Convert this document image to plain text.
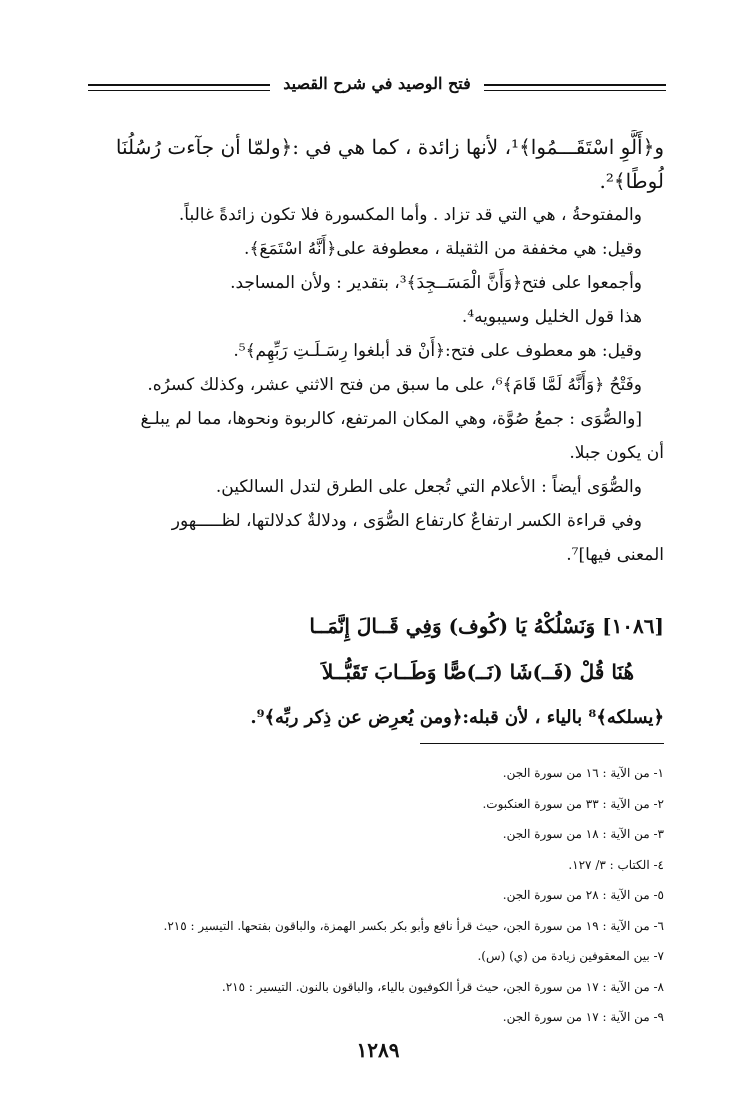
فتح الوصيد في شرح القصيد
و﴿أَلَّوِ اسْتَقَـــمُوا﴾¹، لأنها زائدة ، كما هي في :﴿ولمّا أن جآءت رُسُلُنَا
لُوطًا﴾².
والمفتوحةُ ، هي التي قد تزاد . وأما المكسورة فلا تكون زائدةً غالباً.
وقيل: هي مخففة من الثقيلة ، معطوفة على﴿أَنَّهُ اسْتَمَعَ﴾.
وأجمعوا على فتح﴿وَأَنَّ الْمَسَــجِدَ﴾³، بتقدير : ولأن المساجد.
هذا قول الخليل وسيبويه⁴.
وقيل: هو معطوف على فتح:﴿أَنْ قد أبلغوا رِسَـلَـتِ رَبِّهِم﴾⁵.
وفَتْحُ ﴿وَأَنَّهُ لَمَّا قَامَ﴾⁶، على ما سبق من فتح الاثني عشر، وكذلك كسرُه.
[والصُّوَى : جمعُ صُوَّة، وهي المكان المرتفع، كالربوة ونحوها، مما لم يبلـغ
أن يكون جبلا.
والصُّوَى أيضاً : الأعلام التي تُجعل على الطرق لتدل السالكين.
وفي قراءة الكسر ارتفاعٌ كارتفاع الصُّوَى ، ودلالةٌ كدلالتها، لظـــــهور
المعنى فيها]⁷.
[١٠٨٦] وَنَسْلُكْهُ يَا (كُوف) وَفِي قَــالَ إِنَّمَــا
هُنَا قُلْ (فَــ)شَا (نَــ)صًّا وَطَــابَ تَقَبُّــلاَ
﴿يسلكه﴾⁸ بالياء ، لأن قبله:﴿ومن يُعرِض عن ذِكر ربِّه﴾⁹.
١- من الآية : ١٦ من سورة الجن.
٢- من الآية : ٣٣ من سورة العنكبوت.
٣- من الآية : ١٨ من سورة الجن.
٤- الكتاب : ٣/ ١٢٧.
٥- من الآية : ٢٨ من سورة الجن.
٦- من الآية : ١٩ من سورة الجن، حيث قرأ نافع وأبو بكر بكسر الهمزة، والباقون بفتحها. التيسير : ٢١٥.
٧- بين المعقوفين زيادة من (ي) (س).
٨- من الآية : ١٧ من سورة الجن، حيث قرأ الكوفيون بالياء، والباقون بالنون. التيسير : ٢١٥.
٩- من الآية : ١٧ من سورة الجن.
١٢٨٩
